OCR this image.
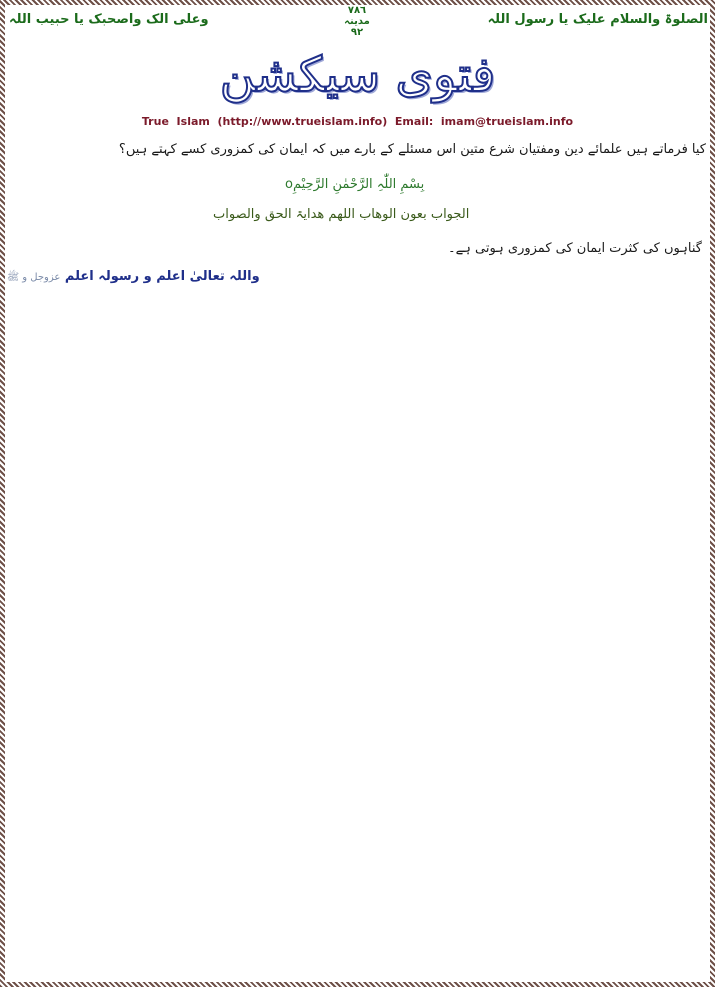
الصلوۃ والسلام علیک یا رسول اللہ
٧٨٦
مدینہ
٩٢
وعلی الک واصحبک یا حبیب اللہ
فتوی سیکشن
True  Islam  (http://www.trueislam.info)  Email:  imam@trueislam.info
کیا فرماتے ہیں علمائے دین ومفتیان شرع متین اس مسئلے کے بارے میں کہ ایمان کی کمزوری کسے کہتے ہیں؟
بِسْمِ اللّٰہِ الرَّحْمٰنِ الرَّحِیْمِo
الجواب بعون الوھاب اللھم ھدایۃ الحق والصواب
گناہوں کی کثرت ایمان کی کمزوری ہوتی ہے۔
واللہ تعالیٰ اعلم و رسولہ اعلم عزوجل و ﷺ
